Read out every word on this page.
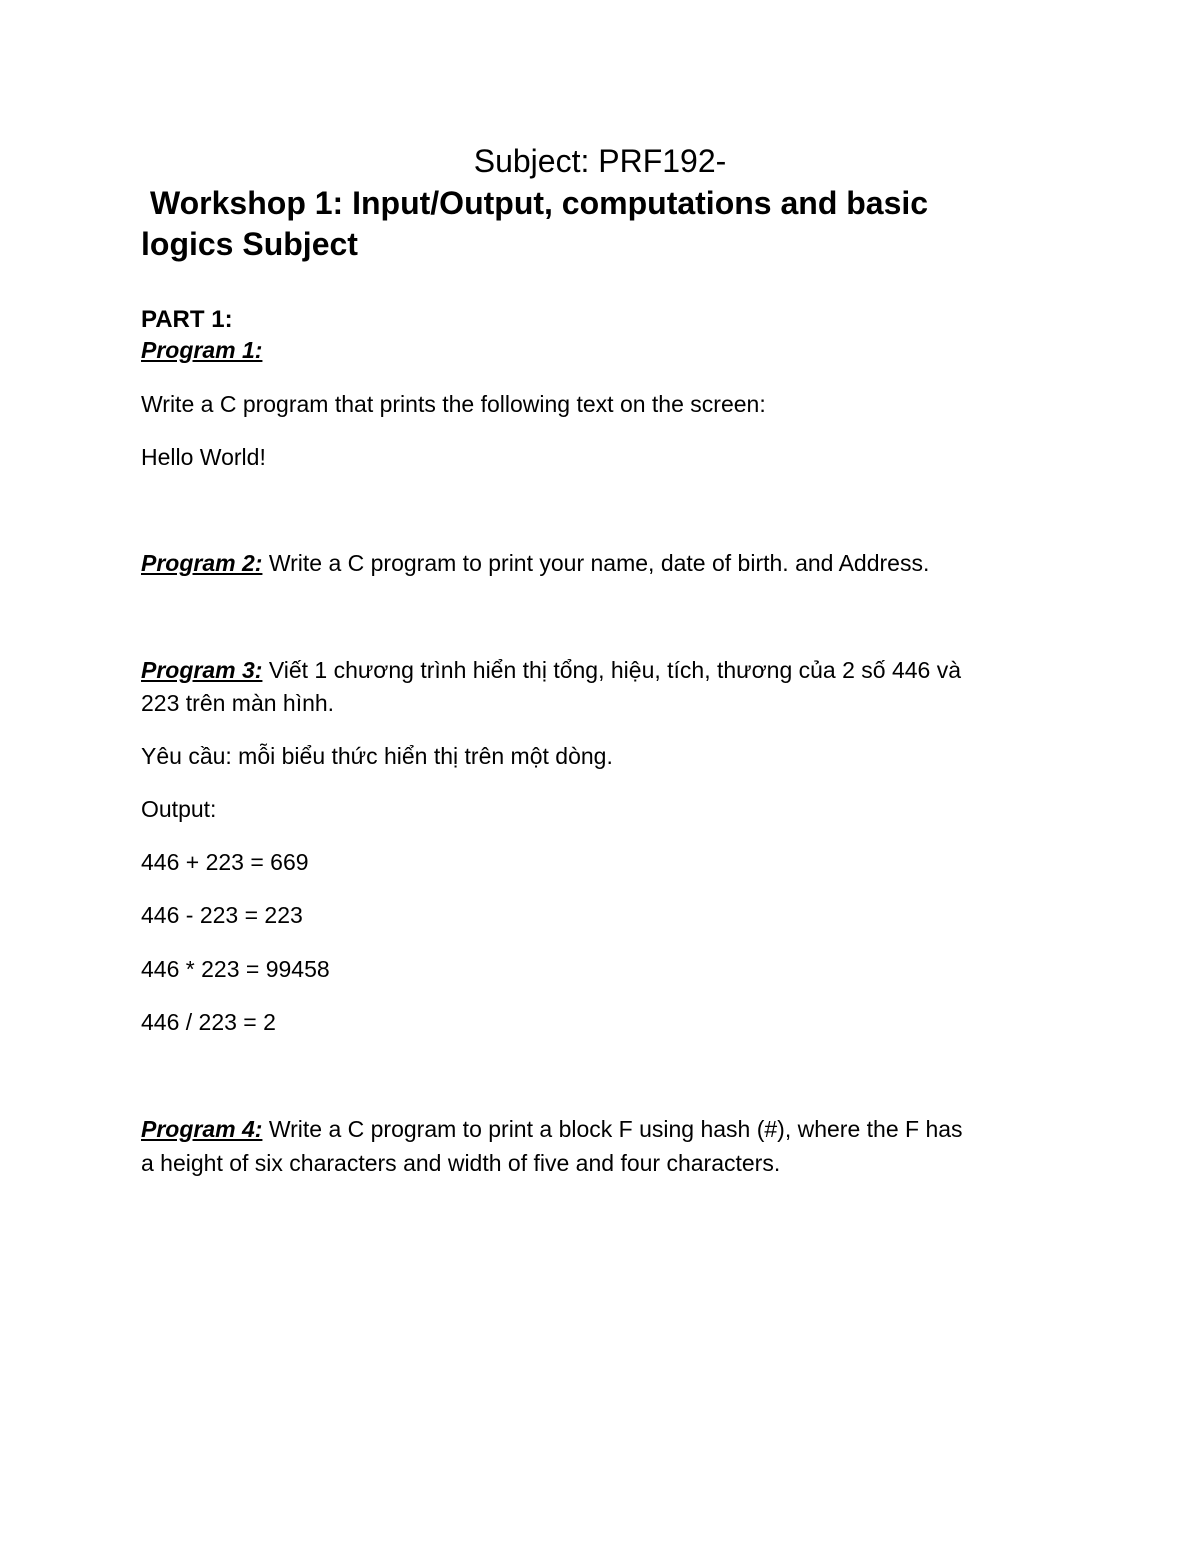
Subject: PRF192-
Workshop 1: Input/Output, computations and basic
logics Subject
PART 1:
Program 1:
Write a C program that prints the following text on the screen:
Hello World!
Program 2: Write a C program to print your name, date of birth. and Address.
Program 3: Viết 1 chương trình hiển thị tổng, hiệu, tích, thương của 2 số 446 và
223 trên màn hình.
Yêu cầu: mỗi biểu thức hiển thị trên một dòng.
Output:
446 + 223 = 669
446 - 223 = 223
446 * 223 = 99458
446 / 223 = 2
Program 4: Write a C program to print a block F using hash (#), where the F has
a height of six characters and width of five and four characters.
